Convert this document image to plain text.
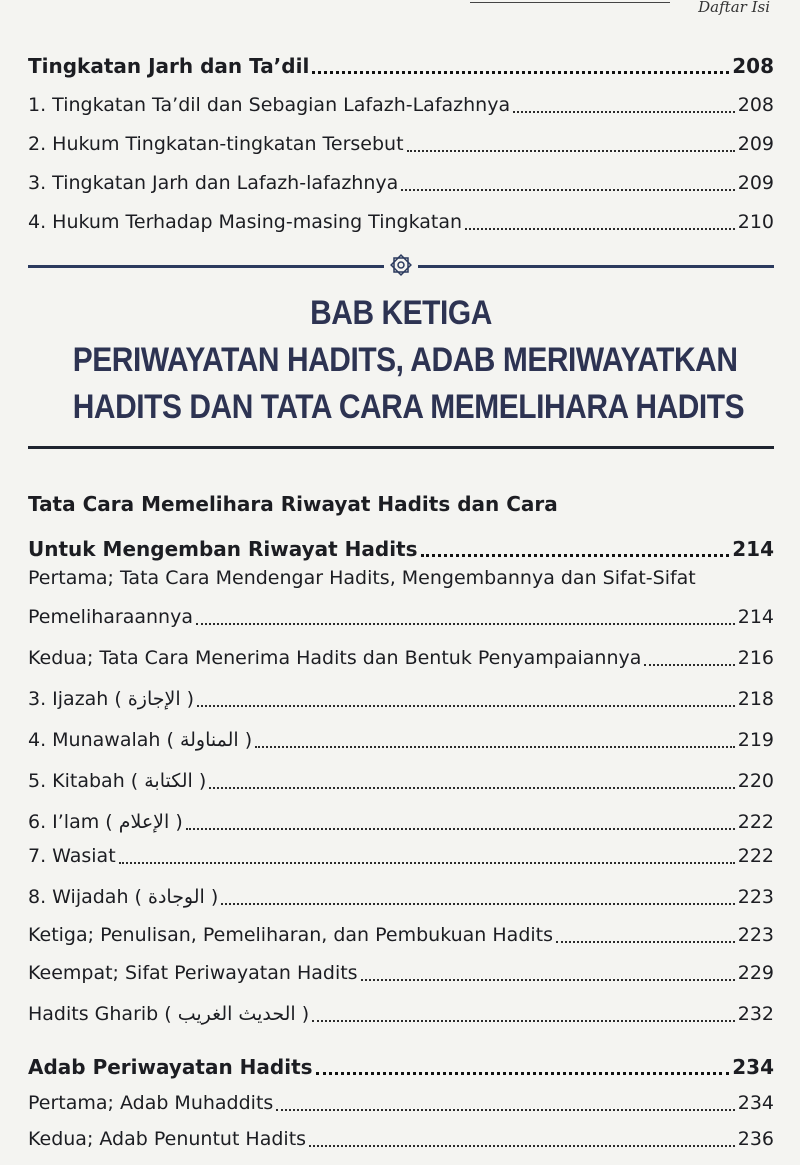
Daftar Isi
Tingkatan Jarh dan Ta’dil	208
1. Tingkatan Ta’dil dan Sebagian Lafazh-Lafazhnya	208
2. Hukum Tingkatan-tingkatan Tersebut	209
3. Tingkatan Jarh dan Lafazh-lafazhnya	209
4. Hukum Terhadap Masing-masing Tingkatan	210
BAB KETIGA
PERIWAYATAN HADITS, ADAB MERIWAYATKAN
HADITS DAN TATA CARA MEMELIHARA HADITS
Tata Cara Memelihara Riwayat Hadits dan Cara
Untuk Mengemban Riwayat Hadits	214
Pertama; Tata Cara Mendengar Hadits, Mengembannya dan Sifat-Sifat
Pemeliharaannya	214
Kedua; Tata Cara Menerima Hadits dan Bentuk Penyampaiannya	216
3. Ijazah ( الإجازة )	218
4. Munawalah ( المناولة )	219
5. Kitabah ( الكتابة )	220
6. I’lam ( الإعلام )	222
7. Wasiat	222
8. Wijadah ( الوجادة )	223
Ketiga; Penulisan, Pemeliharan, dan Pembukuan Hadits	223
Keempat; Sifat Periwayatan Hadits	229
Hadits Gharib ( الحديث الغريب )	232
Adab Periwayatan Hadits	234
Pertama; Adab Muhaddits	234
Kedua; Adab Penuntut Hadits	236
